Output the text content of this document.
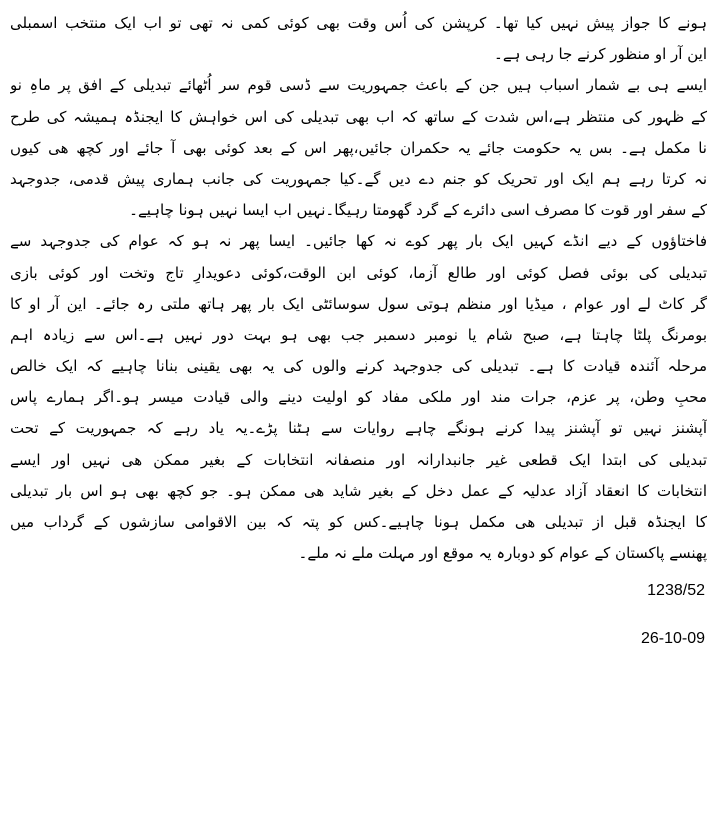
ہونے کا جواز پیش نہیں کیا تھا۔ کرپشن کی اُس وقت بھی کوئی کمی نہ تھی تو اب ایک منتخب اسمبلی
این آر او منظور کرنے جا رہی ہے۔
ایسے ہی بے شمار اسباب ہیں جن کے باعث جمہوریت سے ڈسی قوم سر اُٹھائے تبدیلی کے افق پر ماہِ نو
کے ظہور کی منتظر ہے،اس شدت کے ساتھ کہ اب بھی تبدیلی کی اس خواہش کا ایجنڈہ ہمیشہ کی طرح
نا مکمل ہے۔ بس یہ حکومت جائے یہ حکمران جائیں،پھر اس کے بعد کوئی بھی آ جائے اور کچھ ھی کیوں
نہ کرتا رہے ہم ایک اور تحریک کو جنم دے دیں گے۔کیا جمہوریت کی جانب ہماری پیش قدمی، جدوجہد
کے سفر اور قوت کا مصرف اسی دائرے کے گرد گھومتا رہیگا۔نہیں اب ایسا نہیں ہونا چاہیے۔
فاختاؤوں کے دیے انڈے کہیں ایک بار پھر کوے نہ کھا جائیں۔ ایسا پھر نہ ہو کہ عوام کی جدوجہد سے
تبدیلی کی بوئی فصل کوئی اور طالع آزما، کوئی ابن الوقت،کوئی دعویدارِ تاج وتخت اور کوئی بازی
گر کاٹ لے اور عوام ، میڈیا اور منظم ہوتی سول سوسائٹی ایک بار پھر ہاتھ ملتی رہ جائے۔ این آر او کا
بومرنگ پلٹا چاہتا ہے، صبح شام یا نومبر دسمبر جب بھی ہو بہت دور نہیں ہے۔اس سے زیادہ اہم
مرحلہ آئندہ قیادت کا ہے۔ تبدیلی کی جدوجہد کرنے والوں کی یہ بھی یقینی بنانا چاہیے کہ ایک خالص
محبِ وطن، پر عزم، جرات مند اور ملکی مفاد کو اولیت دینے والی قیادت میسر ہو۔اگر ہمارے پاس
آپشنز نہیں تو آپشنز پیدا کرنے ہونگے چاہے روایات سے ہٹنا پڑے۔یہ یاد رہے کہ جمہوریت کے تحت
تبدیلی کی ابتدا ایک قطعی غیر جانبدارانہ اور منصفانہ انتخابات کے بغیر ممکن ھی نہیں اور ایسے
انتخابات کا انعقاد آزاد عدلیہ کے عمل دخل کے بغیر شاید ھی ممکن ہو۔ جو کچھ بھی ہو اس بار تبدیلی
کا ایجنڈہ قبل از تبدیلی ھی مکمل ہونا چاہیے۔کس کو پتہ کہ بین الاقوامی سازشوں کے گرداب میں
پھنسے پاکستان کے عوام کو دوبارہ یہ موقع اور مہلت ملے نہ ملے۔
1238/52
26-10-09
